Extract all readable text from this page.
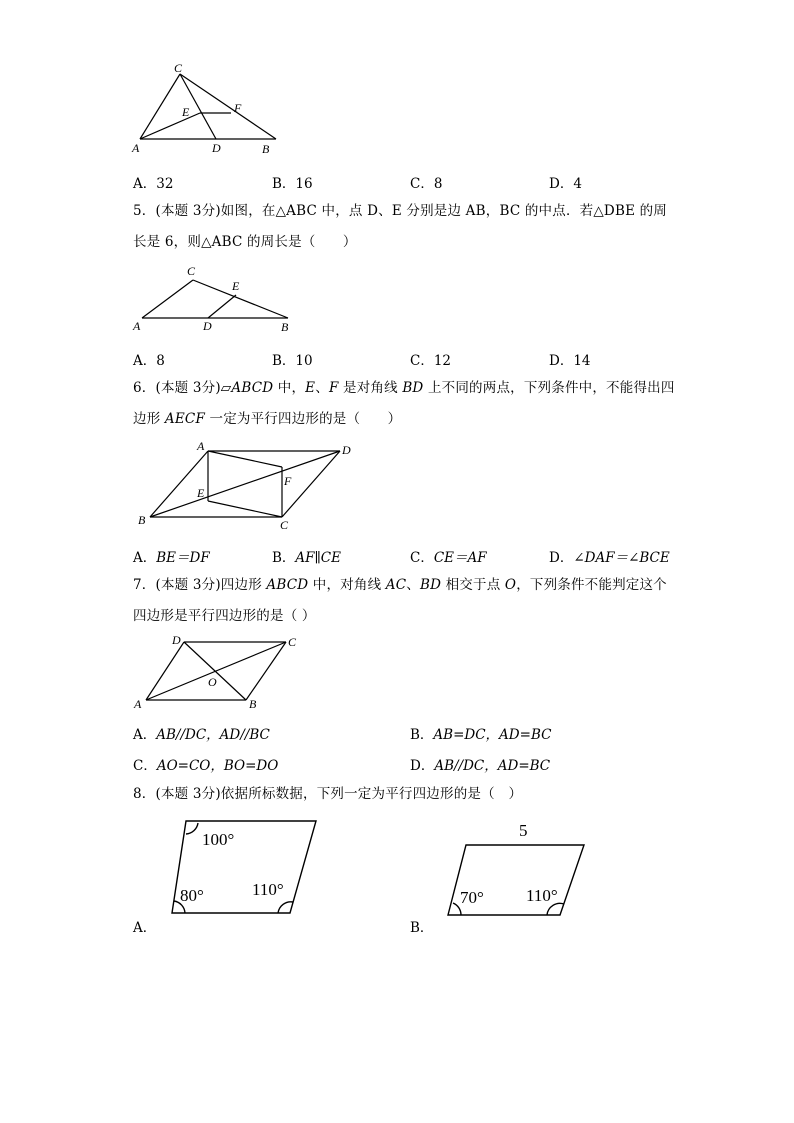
C
E	F
A	D	B
A．32	B．16	C．8	D．4
5．(本题 3分)如图，在△ABC 中，点 D、E 分别是边 AB，BC 的中点．若△DBE 的周
长是 6，则△ABC 的周长是（　　）
C
E
A	D	B
A．8	B．10	C．12	D．14
6．(本题 3分)▱ABCD 中，E、F 是对角线 BD 上不同的两点，下列条件中，不能得出四
边形 AECF 一定为平行四边形的是（　　）
A	D
E
F
B	C
A．BE＝DF	B．AF∥CE	C．CE＝AF	D．∠DAF＝∠BCE
7．(本题 3分)四边形 ABCD 中，对角线 AC、BD 相交于点 O，下列条件不能判定这个
四边形是平行四边形的是（ ）
D	C
O
A	B
A．AB//DC，AD//BC	B．AB=DC，AD=BC
C．AO=CO，BO=DO	D．AB//DC，AD=BC
8．(本题 3分)依据所标数据，下列一定为平行四边形的是（　）
100°
80°	110°
A．
5
70° 110°
B．
